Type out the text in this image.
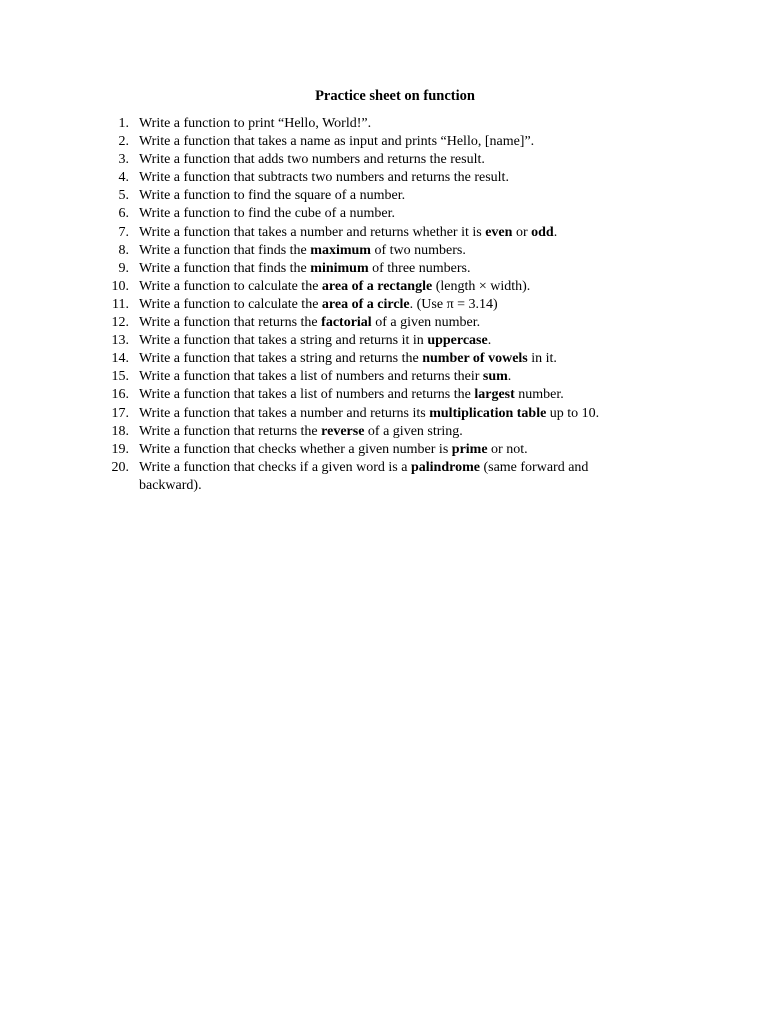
Practice sheet on function
1. Write a function to print “Hello, World!”.
2. Write a function that takes a name as input and prints “Hello, [name]”.
3. Write a function that adds two numbers and returns the result.
4. Write a function that subtracts two numbers and returns the result.
5. Write a function to find the square of a number.
6. Write a function to find the cube of a number.
7. Write a function that takes a number and returns whether it is even or odd.
8. Write a function that finds the maximum of two numbers.
9. Write a function that finds the minimum of three numbers.
10. Write a function to calculate the area of a rectangle (length × width).
11. Write a function to calculate the area of a circle. (Use π = 3.14)
12. Write a function that returns the factorial of a given number.
13. Write a function that takes a string and returns it in uppercase.
14. Write a function that takes a string and returns the number of vowels in it.
15. Write a function that takes a list of numbers and returns their sum.
16. Write a function that takes a list of numbers and returns the largest number.
17. Write a function that takes a number and returns its multiplication table up to 10.
18. Write a function that returns the reverse of a given string.
19. Write a function that checks whether a given number is prime or not.
20. Write a function that checks if a given word is a palindrome (same forward and backward).
